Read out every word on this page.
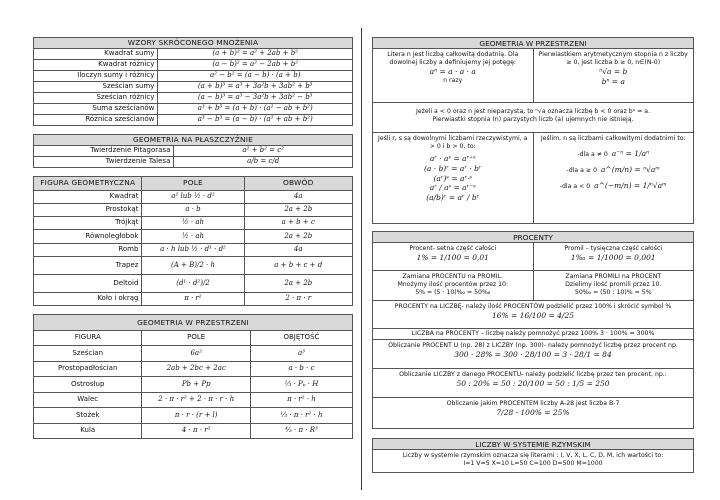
WZORY SKRÓCONEGO MNOŻENIA	
Kwadrat sumy	(a + b)² = a² + 2ab + b²
Kwadrat różnicy	(a − b)² = a² − 2ab + b²
Iloczyn sumy i różnicy	a² − b² = (a − b) · (a + b)
Sześcian sumy	(a + b)³ = a³ + 3a²b + 3ab² + b³
Sześcian różnicy	(a − b)³ = a³ − 3a²b + 3ab² − b³
Suma sześcianów	a³ + b³ = (a + b) · (a² − ab + b²)
Różnica sześcianów	a³ − b³ = (a − b) · (a² + ab + b²)
GEOMETRIA NA PŁASZCZYŹNIE	
Twierdzenie Pitagorasa	a² + b² = c²
Twierdzenie Talesa	a/b = c/d
FIGURA GEOMETRYCZNA	POLE	OBWÓD
Kwadrat	a² lub ½ · d²	4a
Prostokąt	a · b	2a + 2b
Trójkąt	½ · ah	a + b + c
Równoległobok	½ · ah	2a + 2b
Romb	a · h lub ½ · d¹ · d²	4a
Trapez	(A + B)/2 · h	a + b + c + d
Deltoid	(d¹ · d²)/2	2a + 2b
Koło i okrąg	π · r²	2 · π · r
GEOMETRIA W PRZESTRZENI		
FIGURA	POLE	OBJĘTOŚĆ
Sześcian	6a²	a³
Prostopadłościan	2ab + 2bc + 2ac	a · b · c
Ostrosłup	Pb + Pp	⅓ · Pₚ · H
Walec	2 · π · r² + 2 · π · r · h	π · r² · h
Stożek	π · r · (r + l)	⅓ · π · r² · h
Kula	4 · π · r²	⁴⁄₃ · π · R³
GEOMETRIA W PRZESTRZENI
Litera n jest liczbą całkowitą dodatnią. Dla dowolnej liczby a definiujemy jej potęgę:
aⁿ = a · a · a
n razy
Pierwiastkiem arytmetycznym stopnia n z liczby ≥ 0, jest liczba b ≥ 0, n∈(N-0)
ⁿ√a = b
bⁿ = a
Jeżeli a < 0 oraz n jest nieparzysta, to ⁿ√a oznacza liczbę b < 0 oraz bⁿ = a.
Pierwiastki stopnia (n) parzystych liczb (a) ujemnych nie istnieją.
Jeśli r, s są dowolnymi liczbami rzeczywistymi, a > 0 i b > 0, to:
aʳ · aˢ = aʳ⁺ˢ
(a · b)ʳ = aʳ · bʳ
(aʳ)ˢ = aʳ·ˢ
aʳ / aˢ = aʳ⁻ˢ
(a/b)ʳ = aʳ / bʳ
Jeślim, n są liczbami całkowitymi dodatnimi to:
-dla a ≠ 0 a⁻ⁿ = 1/aⁿ
-dla a ≥ 0 a^(m/n) = ⁿ√aᵐ
-dla a < 0 a^(−m/n) = 1/ⁿ√aᵐ
PROCENTY
Procent- setna część całości
1% = 1/100 = 0,01
Promil – tysięczna część całości
1‰ = 1/1000 = 0,001
Zamiana PROCENTU na PROMIL.
Mnożymy ilość procentów przez 10:
5% = (5 · 10)‰ = 50‰
Zamiana PROMILI na PROCENT
Dzielimy ilość promili przez 10.
50‰ = (50 : 10)% = 5%
PROCENTY na LICZBĘ- należy ilość PROCENTÓW podzielić przez 100% i skrócić symbol %
16% = 16/100 = 4/25
LICZBA na PROCENTY – liczbę należy pomnożyć przez 100% 3 · 100% = 300%
Obliczanie PROCENT U (np. 28) z LICZBY (np. 300)- należy pomnożyć liczbę przez procent np.
300 · 28% = 300 · 28/100 = 3 · 28/1 = 84
Obliczanie LICZBY z danego PROCENTU- należy podzielić liczbę przez ten procent, np.:
50 : 20% = 50 : 20/100 = 50 : 1/5 = 250
Obliczanie jakim PROCENTEM liczby A-28 jest liczba B-7
7/28 · 100% = 25%
LICZBY W SYSTEMIE RZYMSKIM
Liczby w systemie rzymskim oznacza się literami : I, V, X, L, C, D, M, ich wartości to:
I=1 V=5 X=10 L=50 C=100 D=500 M=1000
